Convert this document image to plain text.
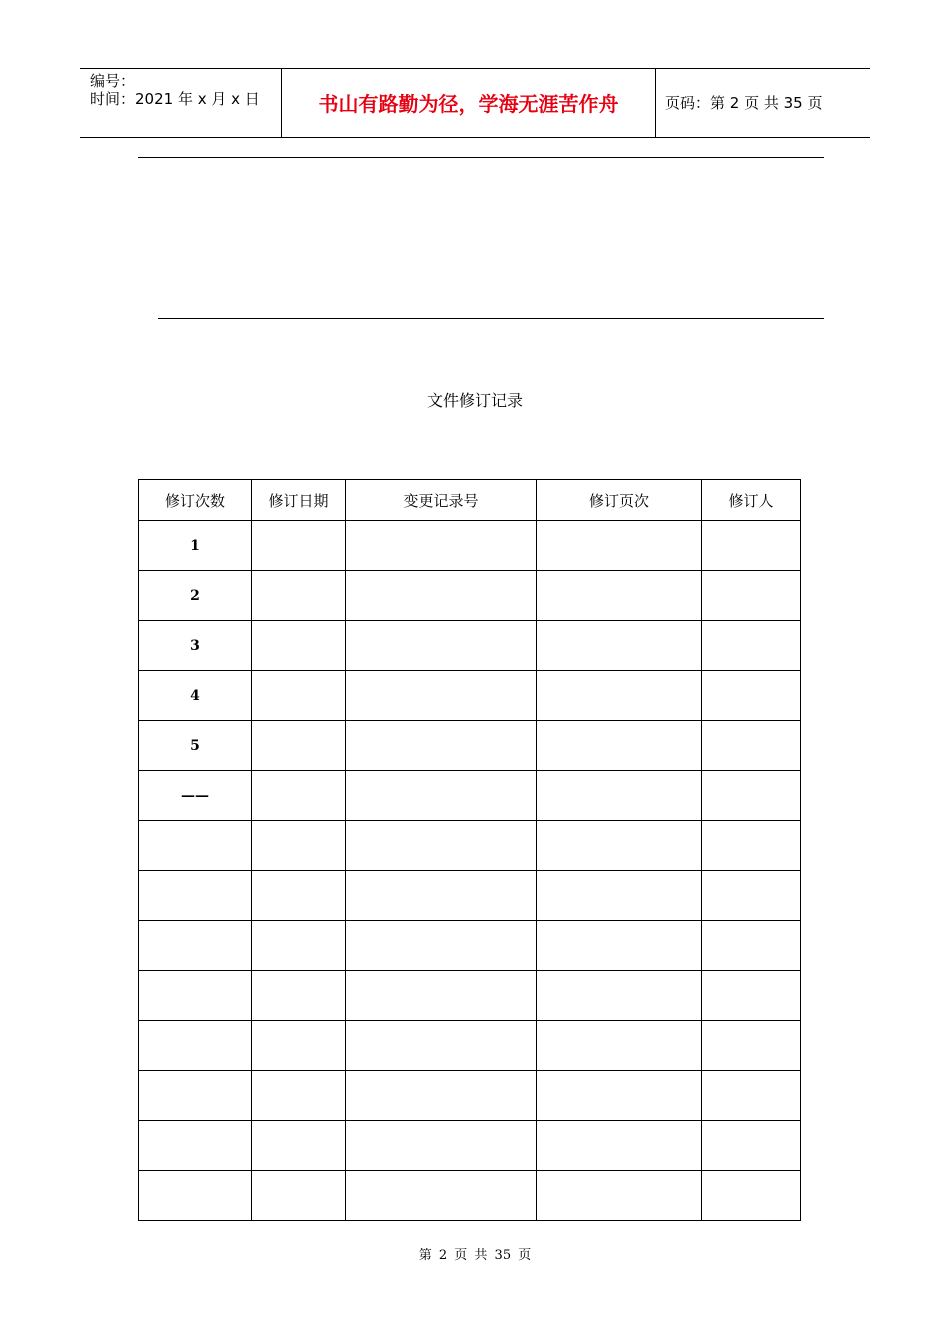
编号：
时间：2021 年 x 月 x 日	书山有路勤为径，学海无涯苦作舟	页码：第 2 页 共 35 页
文件修订记录
修订次数	修订日期	变更记录号	修订页次	修订人
1				
2				
3				
4				
5				
——				

第 2 页 共 35 页
